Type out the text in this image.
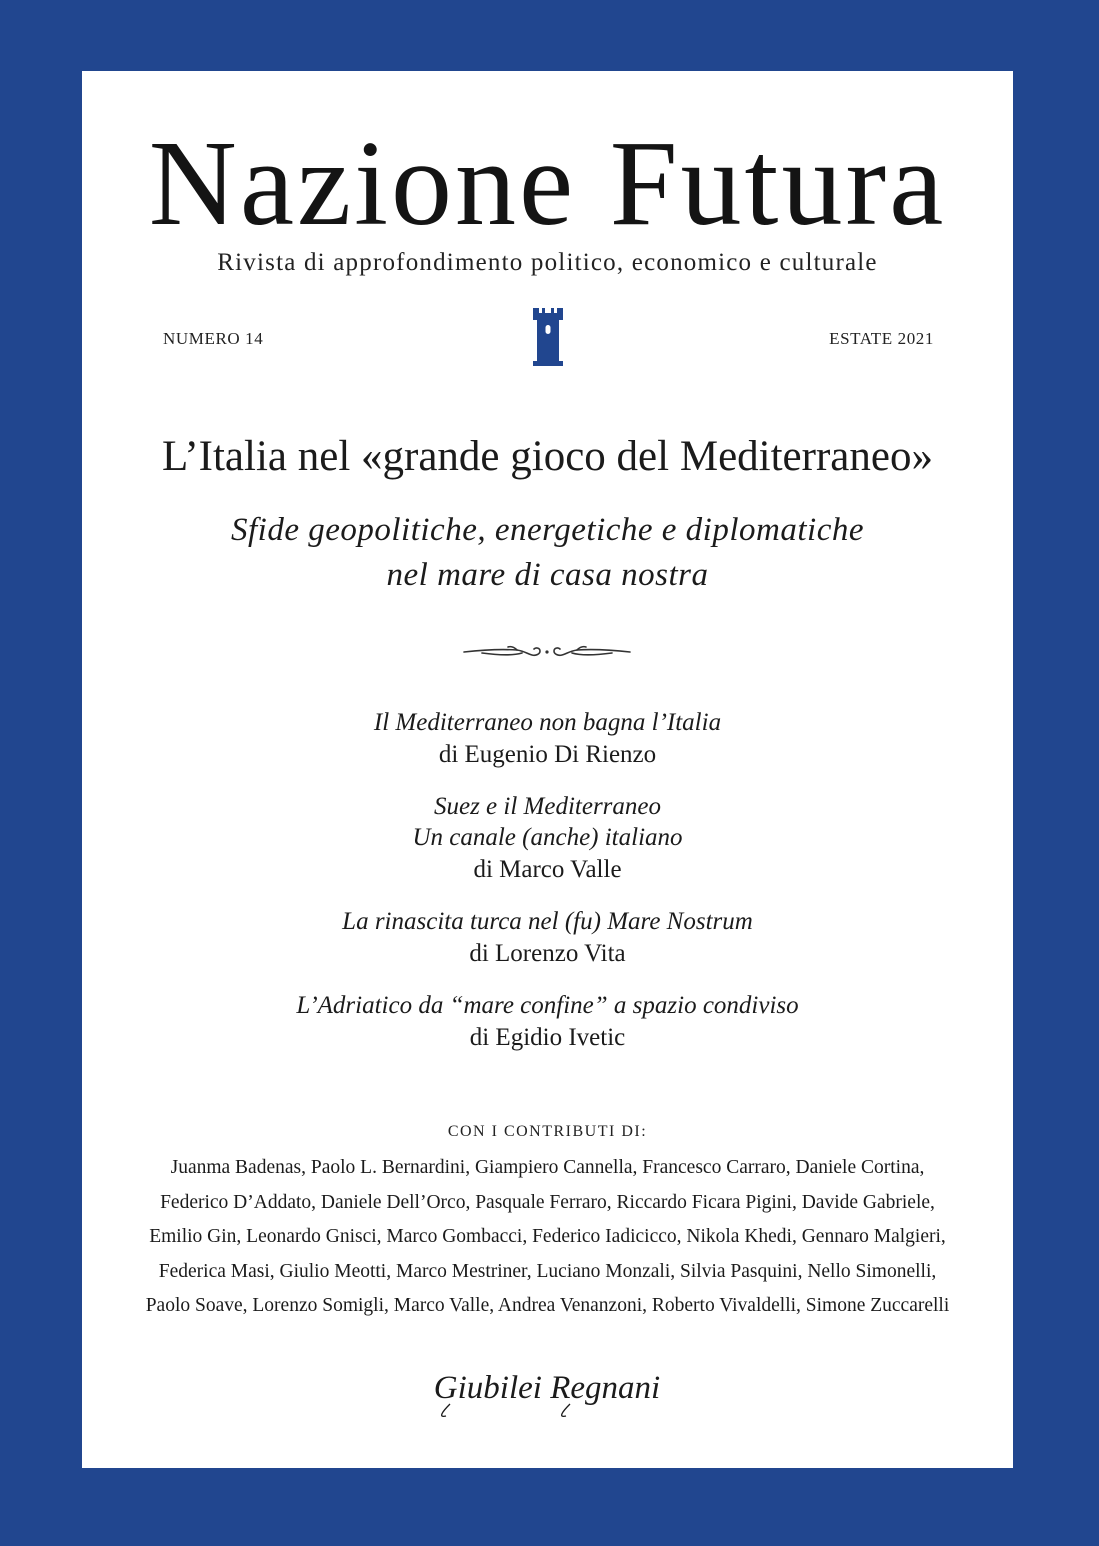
Nazione Futura
Rivista di approfondimento politico, economico e culturale
NUMERO 14	ESTATE 2021
L’Italia nel «grande gioco del Mediterraneo»
Sfide geopolitiche, energetiche e diplomatiche
nel mare di casa nostra
Il Mediterraneo non bagna l’Italia
di Eugenio Di Rienzo
Suez e il Mediterraneo
Un canale (anche) italiano
di Marco Valle
La rinascita turca nel (fu) Mare Nostrum
di Lorenzo Vita
L’Adriatico da “mare confine” a spazio condiviso
di Egidio Ivetic
CON I CONTRIBUTI DI:
Juanma Badenas, Paolo L. Bernardini, Giampiero Cannella, Francesco Carraro, Daniele Cortina,
Federico D’Addato, Daniele Dell’Orco, Pasquale Ferraro, Riccardo Ficara Pigini, Davide Gabriele,
Emilio Gin, Leonardo Gnisci, Marco Gombacci, Federico Iadicicco, Nikola Khedi, Gennaro Malgieri,
Federica Masi, Giulio Meotti, Marco Mestriner, Luciano Monzali, Silvia Pasquini, Nello Simonelli,
Paolo Soave, Lorenzo Somigli, Marco Valle, Andrea Venanzoni, Roberto Vivaldelli, Simone Zuccarelli
Giubilei Regnani
